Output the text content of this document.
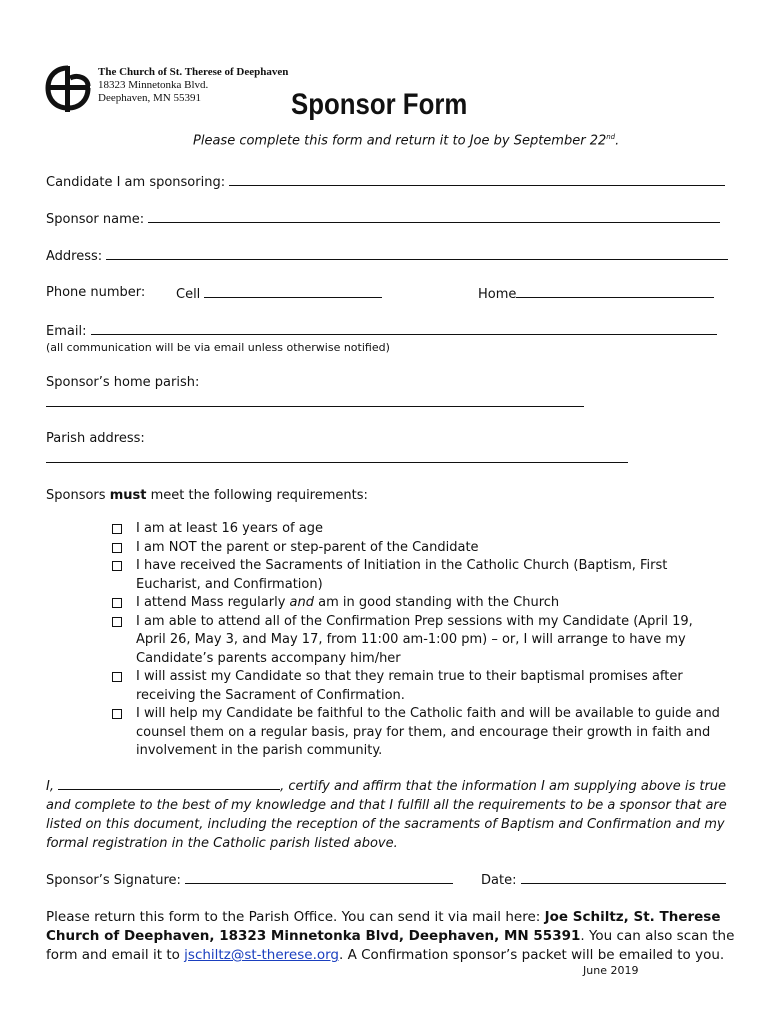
The Church of St. Therese of Deephaven
18323 Minnetonka Blvd.
Deephaven, MN 55391	Sponsor Form
Please complete this form and return it to Joe by September 22nd.
Candidate I am sponsoring:
Sponsor name:
Address:
Phone number: Cell	Home
Email:
(all communication will be via email unless otherwise notified)
Sponsor’s home parish:
Parish address:
Sponsors must meet the following requirements:
I am at least 16 years of age
I am NOT the parent or step-parent of the Candidate
I have received the Sacraments of Initiation in the Catholic Church (Baptism, First Eucharist, and Confirmation)
I attend Mass regularly and am in good standing with the Church
I am able to attend all of the Confirmation Prep sessions with my Candidate (April 19, April 26, May 3, and May 17, from 11:00 am-1:00 pm) – or, I will arrange to have my Candidate’s parents accompany him/her
I will assist my Candidate so that they remain true to their baptismal promises after receiving the Sacrament of Confirmation.
I will help my Candidate be faithful to the Catholic faith and will be available to guide and counsel them on a regular basis, pray for them, and encourage their growth in faith and involvement in the parish community.
I,	, certify and affirm that the information I am supplying above is true and complete to the best of my knowledge and that I fulfill all the requirements to be a sponsor that are listed on this document, including the reception of the sacraments of Baptism and Confirmation and my formal registration in the Catholic parish listed above.
Sponsor’s Signature:	Date:
Please return this form to the Parish Office. You can send it via mail here: Joe Schiltz, St. Therese Church of Deephaven, 18323 Minnetonka Blvd, Deephaven, MN 55391. You can also scan the form and email it to jschiltz@st-therese.org. A Confirmation sponsor’s packet will be emailed to you.
June 2019
